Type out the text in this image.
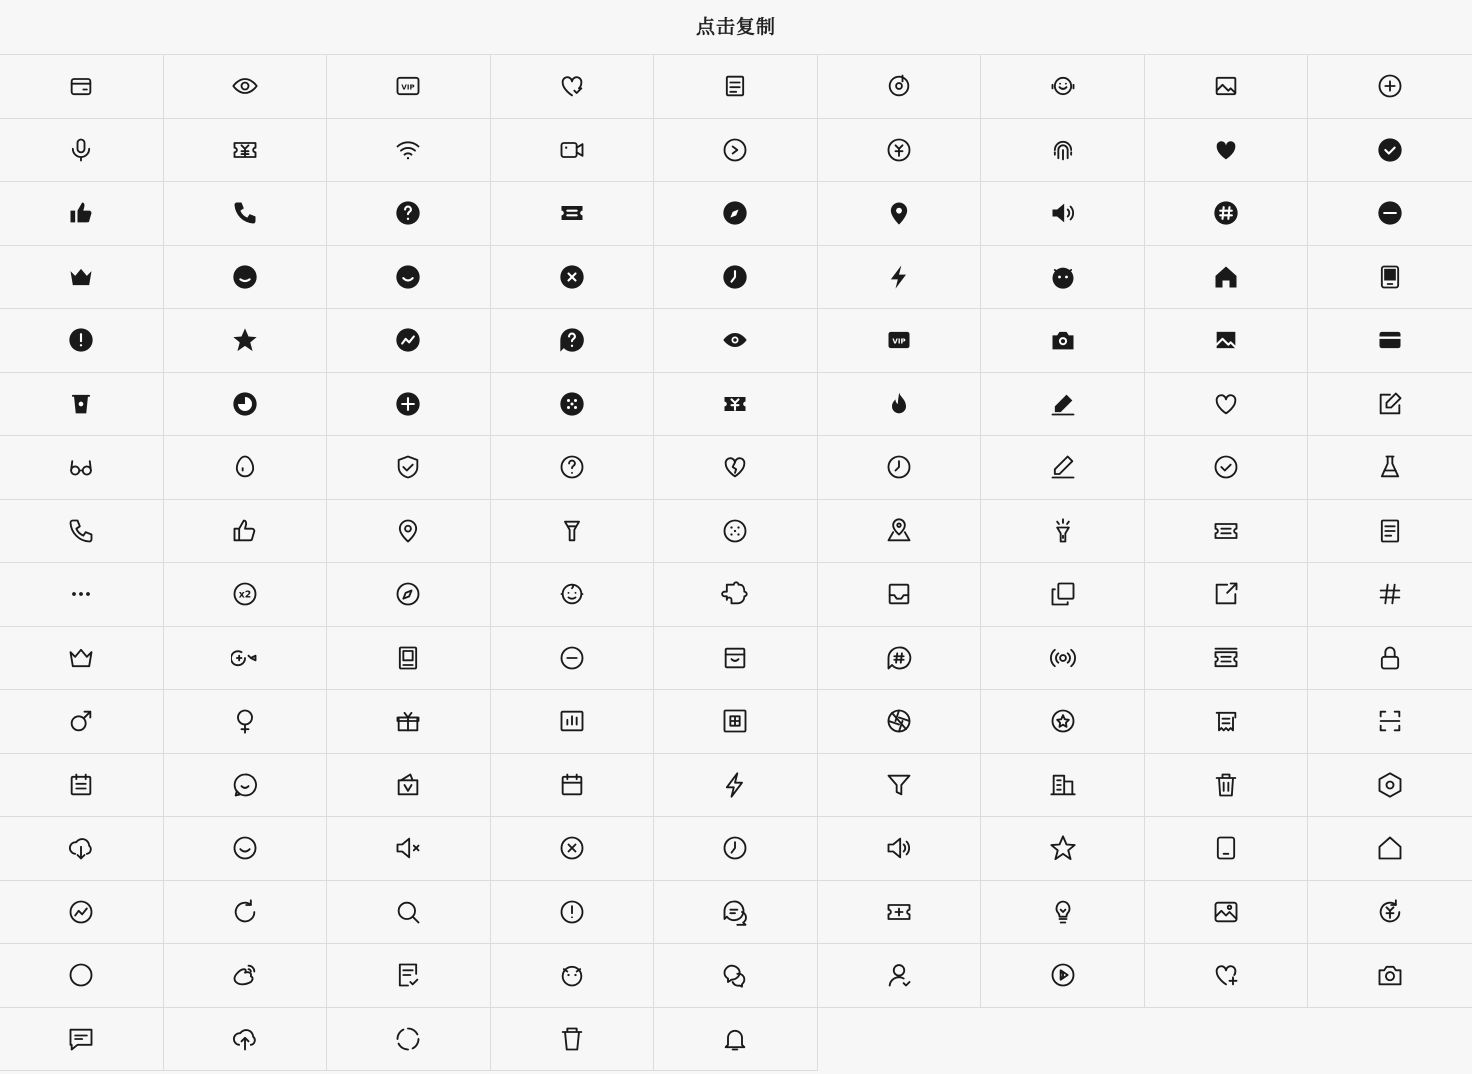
点击复制
VIP
VIP
x2
